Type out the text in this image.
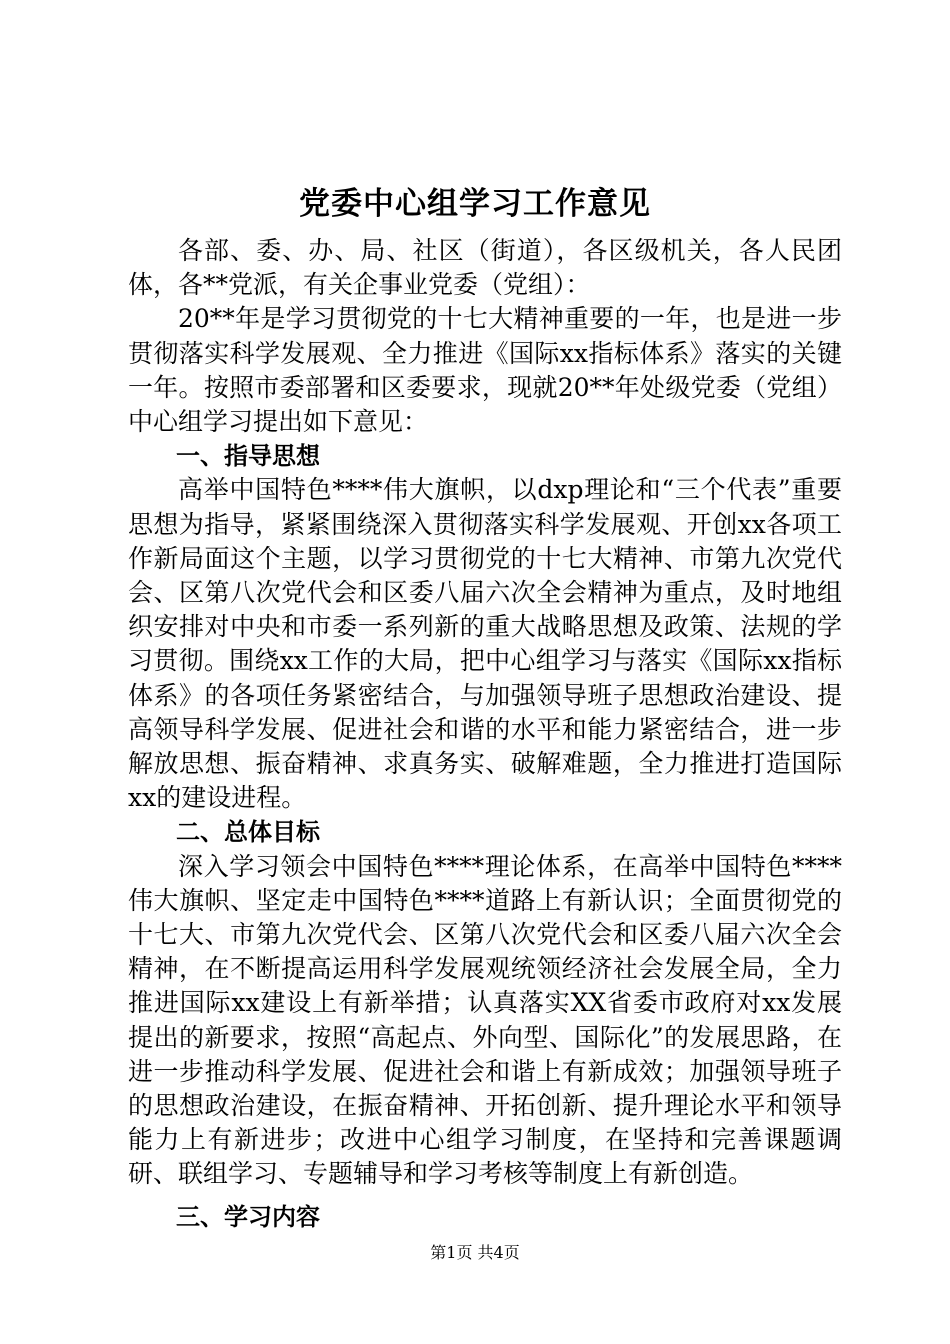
党委中心组学习工作意见

各部、委、办、局、社区（街道），各区级机关，各人民团体，各**党派，有关企事业党委（党组）：

20**年是学习贯彻党的十七大精神重要的一年，也是进一步贯彻落实科学发展观、全力推进《国际xx指标体系》落实的关键一年。按照市委部署和区委要求，现就20**年处级党委（党组）中心组学习提出如下意见：

一、指导思想

高举中国特色****伟大旗帜，以dxp理论和“三个代表”重要思想为指导，紧紧围绕深入贯彻落实科学发展观、开创xx各项工作新局面这个主题，以学习贯彻党的十七大精神、市第九次党代会、区第八次党代会和区委八届六次全会精神为重点，及时地组织安排对中央和市委一系列新的重大战略思想及政策、法规的学习贯彻。围绕xx工作的大局，把中心组学习与落实《国际xx指标体系》的各项任务紧密结合，与加强领导班子思想政治建设、提高领导科学发展、促进社会和谐的水平和能力紧密结合，进一步解放思想、振奋精神、求真务实、破解难题，全力推进打造国际xx的建设进程。

二、总体目标

深入学习领会中国特色****理论体系，在高举中国特色****伟大旗帜、坚定走中国特色****道路上有新认识；全面贯彻党的十七大、市第九次党代会、区第八次党代会和区委八届六次全会精神，在不断提高运用科学发展观统领经济社会发展全局，全力推进国际xx建设上有新举措；认真落实XX省委市政府对xx发展提出的新要求，按照“高起点、外向型、国际化”的发展思路，在进一步推动科学发展、促进社会和谐上有新成效；加强领导班子的思想政治建设，在振奋精神、开拓创新、提升理论水平和领导能力上有新进步；改进中心组学习制度，在坚持和完善课题调研、联组学习、专题辅导和学习考核等制度上有新创造。

三、学习内容

第1页 共4页
